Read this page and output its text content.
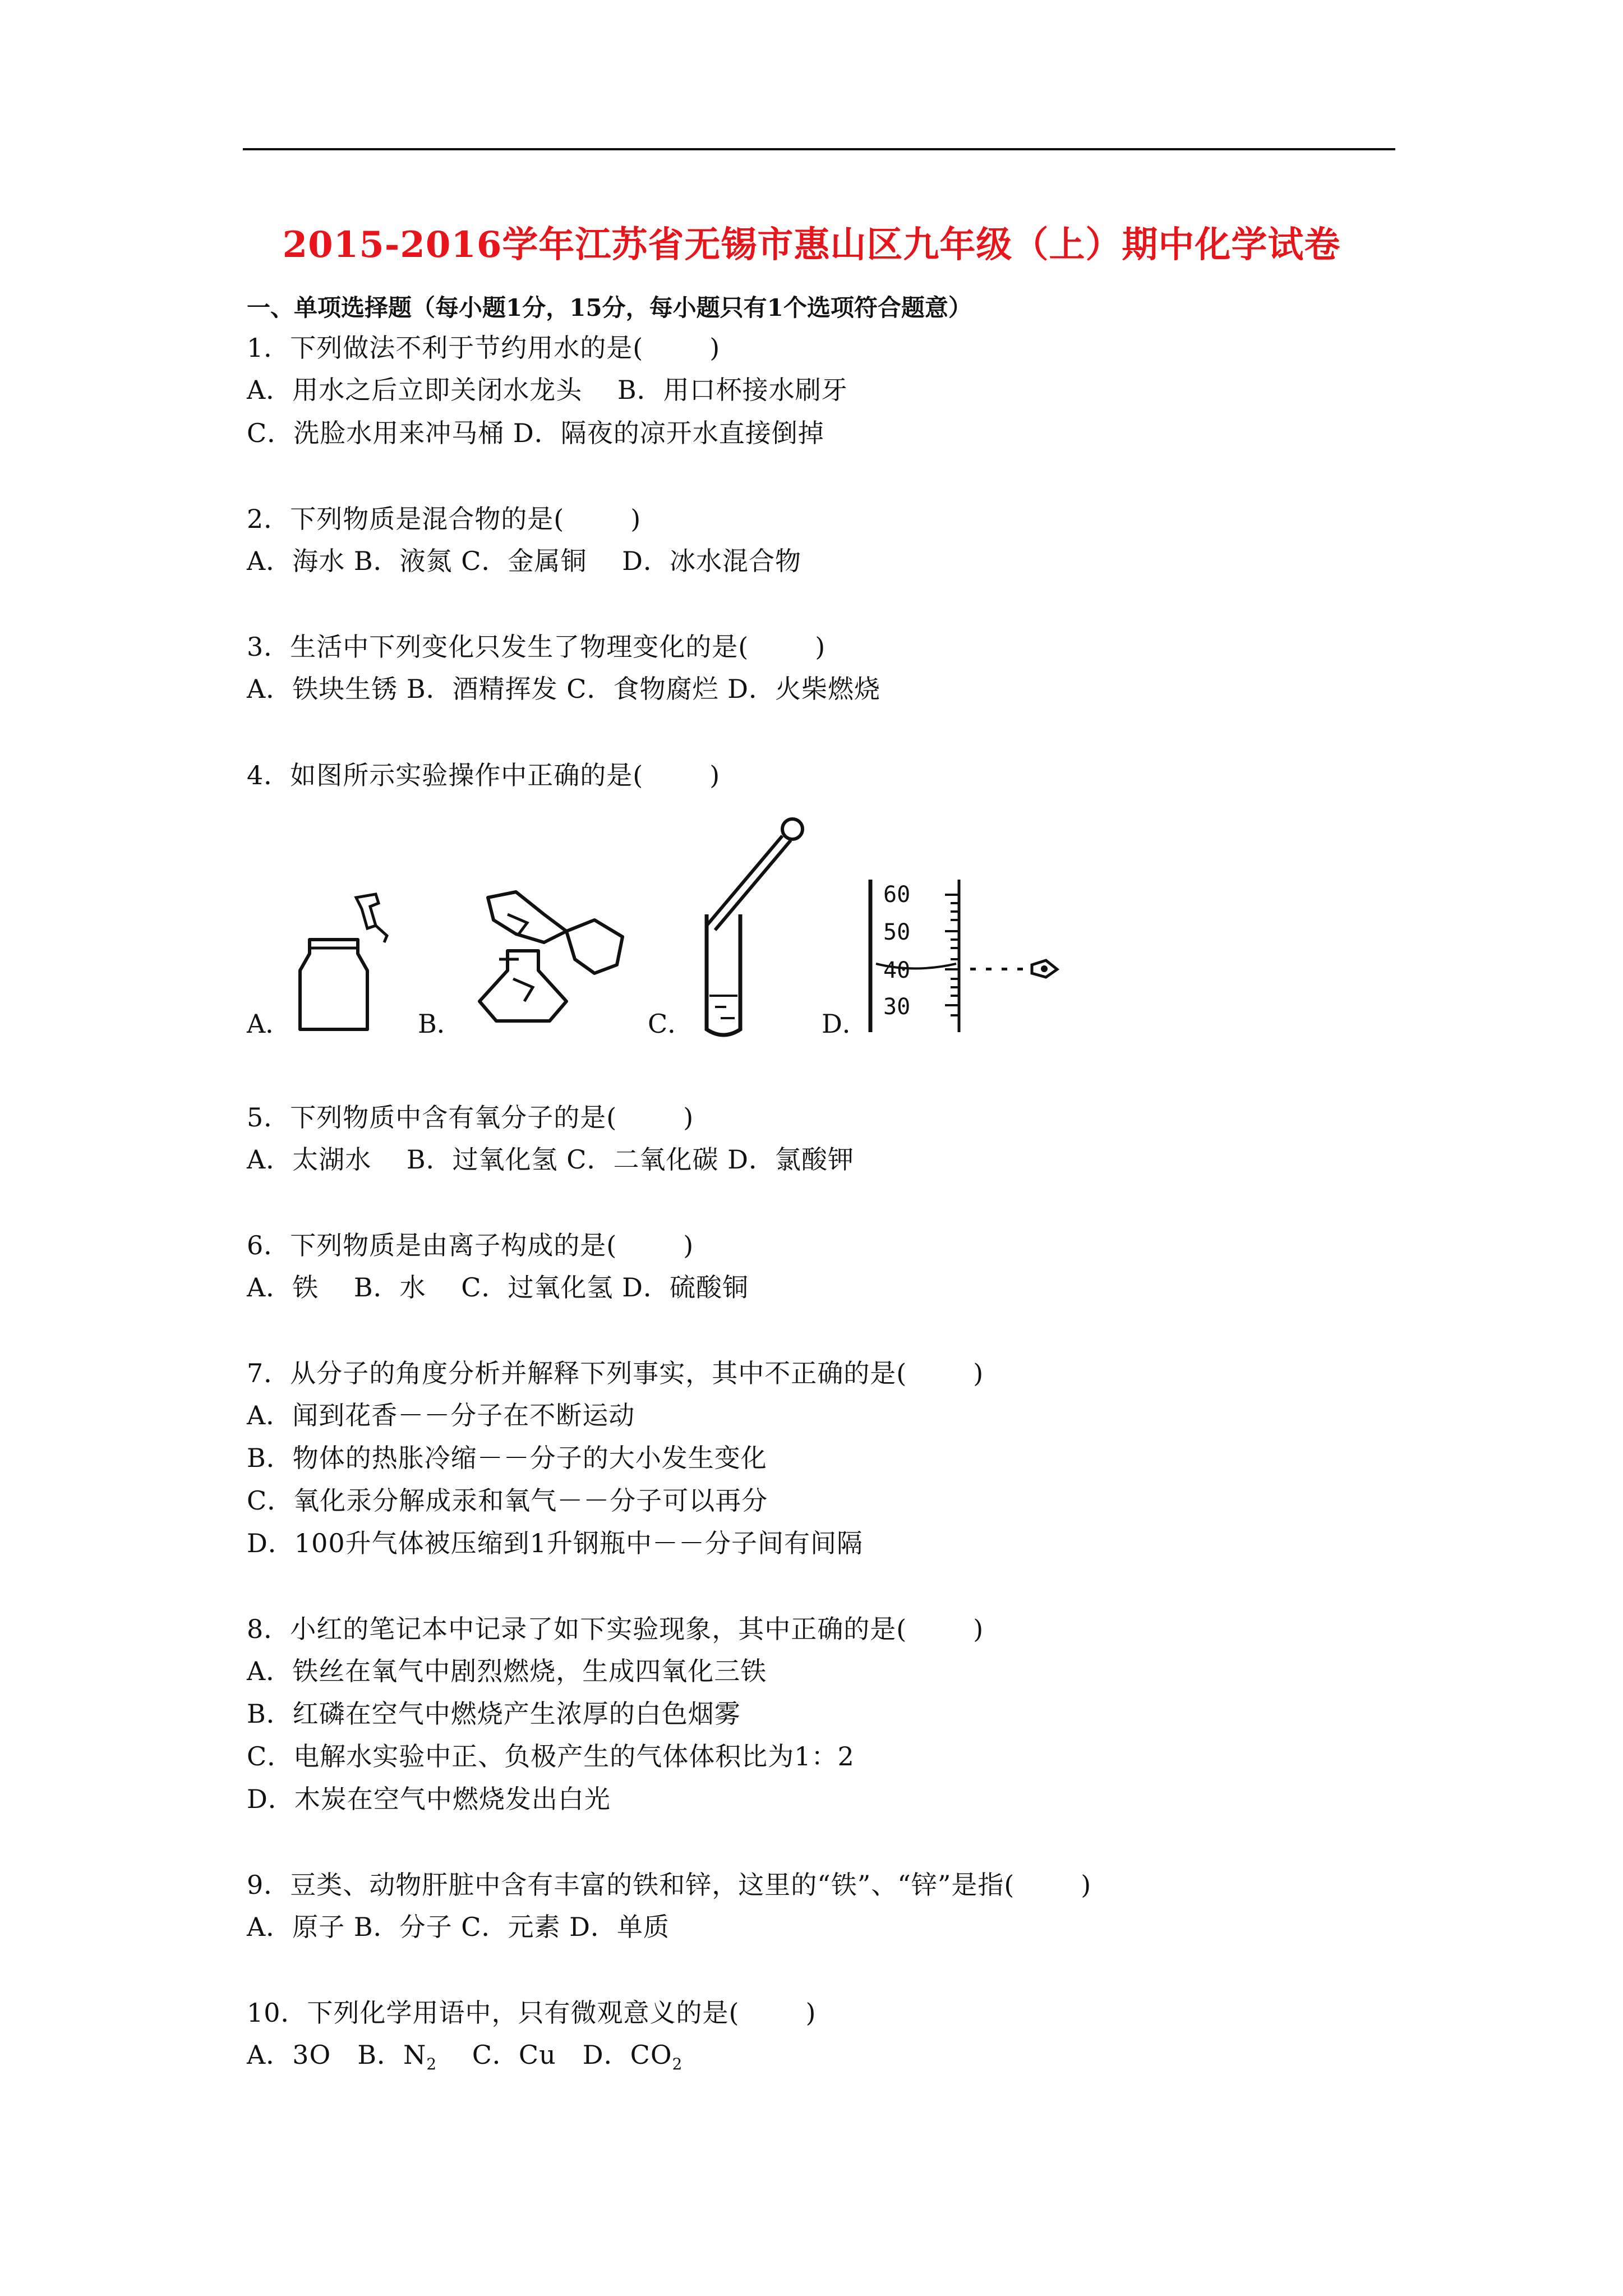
2015-2016学年江苏省无锡市惠山区九年级（上）期中化学试卷
一、单项选择题（每小题1分，15分，每小题只有1个选项符合题意）
1．下列做法不利于节约用水的是(	)
A．用水之后立即关闭水龙头　 B．用口杯接水刷牙
C．洗脸水用来冲马桶 D．隔夜的凉开水直接倒掉
2．下列物质是混合物的是(	)
A．海水 B．液氮 C．金属铜　 D．冰水混合物
3．生活中下列变化只发生了物理变化的是(	)
A．铁块生锈 B．酒精挥发 C．食物腐烂 D．火柴燃烧
4．如图所示实验操作中正确的是(	)
A．	B．	C．	D．
60
50
40
30
5．下列物质中含有氧分子的是(	)
A．太湖水　 B．过氧化氢 C．二氧化碳 D．氯酸钾
6．下列物质是由离子构成的是(	)
A．铁　 B．水　 C．过氧化氢 D．硫酸铜
7．从分子的角度分析并解释下列事实，其中不正确的是(	)
A．闻到花香－－分子在不断运动
B．物体的热胀冷缩－－分子的大小发生变化
C．氧化汞分解成汞和氧气－－分子可以再分
D．100升气体被压缩到1升钢瓶中－－分子间有间隔
8．小红的笔记本中记录了如下实验现象，其中正确的是(	)
A．铁丝在氧气中剧烈燃烧，生成四氧化三铁
B．红磷在空气中燃烧产生浓厚的白色烟雾
C．电解水实验中正、负极产生的气体体积比为1：2
D．木炭在空气中燃烧发出白光
9．豆类、动物肝脏中含有丰富的铁和锌，这里的“铁”、“锌”是指(	)
A．原子 B．分子 C．元素 D．单质
10．下列化学用语中，只有微观意义的是(	)
A．3O　 B．$N_2$　 C．Cu　 D．$CO_2$
